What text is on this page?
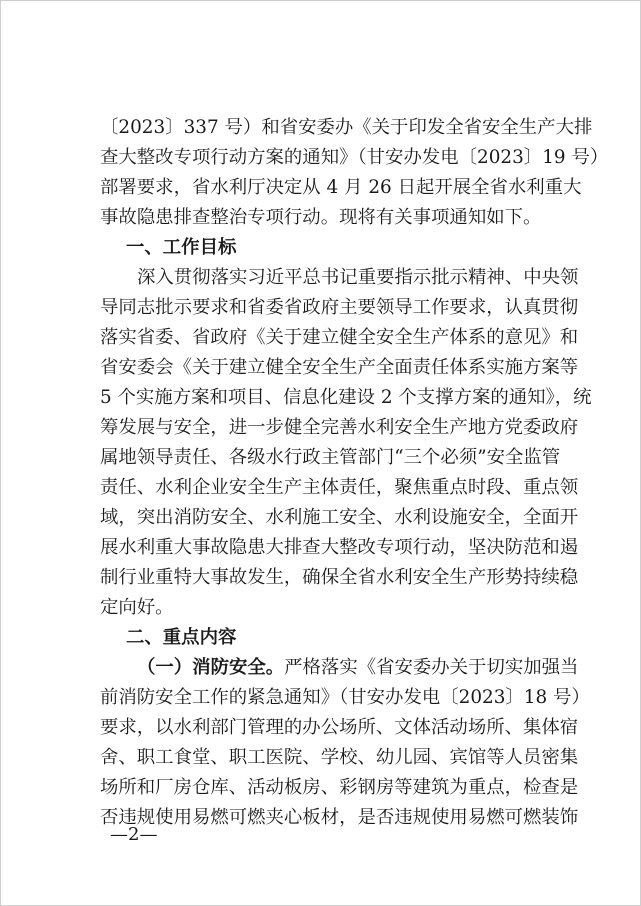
〔2023〕337 号）和省安委办《关于印发全省安全生产大排
查大整改专项行动方案的通知》（甘安办发电〔2023〕19 号）
部署要求，省水利厅决定从 4 月 26 日起开展全省水利重大
事故隐患排查整治专项行动。现将有关事项通知如下。
一、工作目标
深入贯彻落实习近平总书记重要指示批示精神、中央领
导同志批示要求和省委省政府主要领导工作要求，认真贯彻
落实省委、省政府《关于建立健全安全生产体系的意见》和
省安委会《关于建立健全安全生产全面责任体系实施方案等
5 个实施方案和项目、信息化建设 2 个支撑方案的通知》，统
筹发展与安全，进一步健全完善水利安全生产地方党委政府
属地领导责任、各级水行政主管部门“三个必须”安全监管
责任、水利企业安全生产主体责任，聚焦重点时段、重点领
域，突出消防安全、水利施工安全、水利设施安全，全面开
展水利重大事故隐患大排查大整改专项行动，坚决防范和遏
制行业重特大事故发生，确保全省水利安全生产形势持续稳
定向好。
二、重点内容
（一）消防安全。严格落实《省安委办关于切实加强当
前消防安全工作的紧急通知》（甘安办发电〔2023〕18 号）
要求，以水利部门管理的办公场所、文体活动场所、集体宿
舍、职工食堂、职工医院、学校、幼儿园、宾馆等人员密集
场所和厂房仓库、活动板房、彩钢房等建筑为重点，检查是
否违规使用易燃可燃夹心板材，是否违规使用易燃可燃装饰
—2—
